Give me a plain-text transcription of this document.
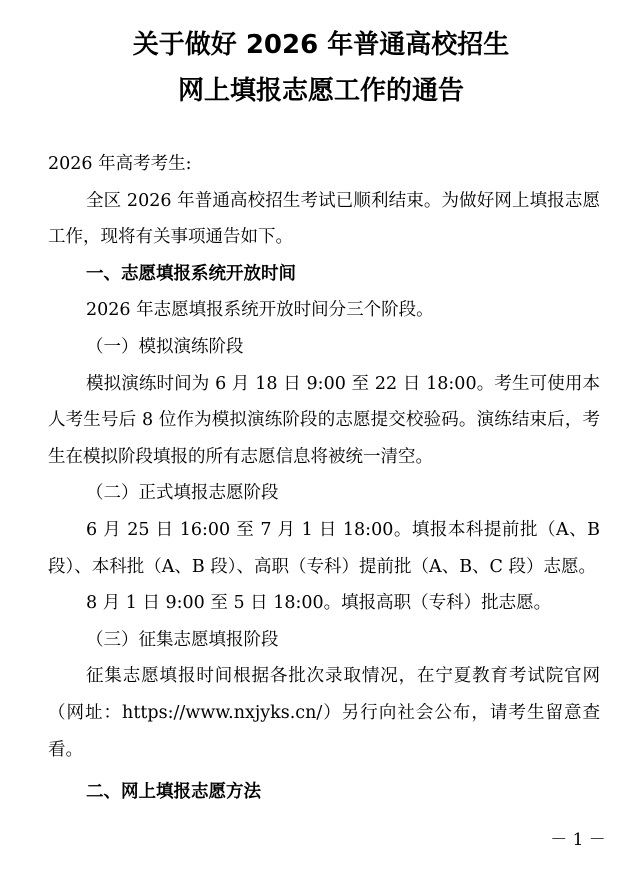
关于做好 2026 年普通高校招生
网上填报志愿工作的通告

2026 年高考考生:

全区 2026 年普通高校招生考试已顺利结束。为做好网上填报志愿工作，现将有关事项通告如下。

一、志愿填报系统开放时间

2026 年志愿填报系统开放时间分三个阶段。

（一）模拟演练阶段

模拟演练时间为 6 月 18 日 9:00 至 22 日 18:00。考生可使用本人考生号后 8 位作为模拟演练阶段的志愿提交校验码。演练结束后，考生在模拟阶段填报的所有志愿信息将被统一清空。

（二）正式填报志愿阶段

6 月 25 日 16:00 至 7 月 1 日 18:00。填报本科提前批（A、B 段）、本科批（A、B 段）、高职（专科）提前批（A、B、C 段）志愿。

8 月 1 日 9:00 至 5 日 18:00。填报高职（专科）批志愿。

（三）征集志愿填报阶段

征集志愿填报时间根据各批次录取情况，在宁夏教育考试院官网（网址：https://www.nxjyks.cn/）另行向社会公布，请考生留意查看。

二、网上填报志愿方法

－ 1 －
